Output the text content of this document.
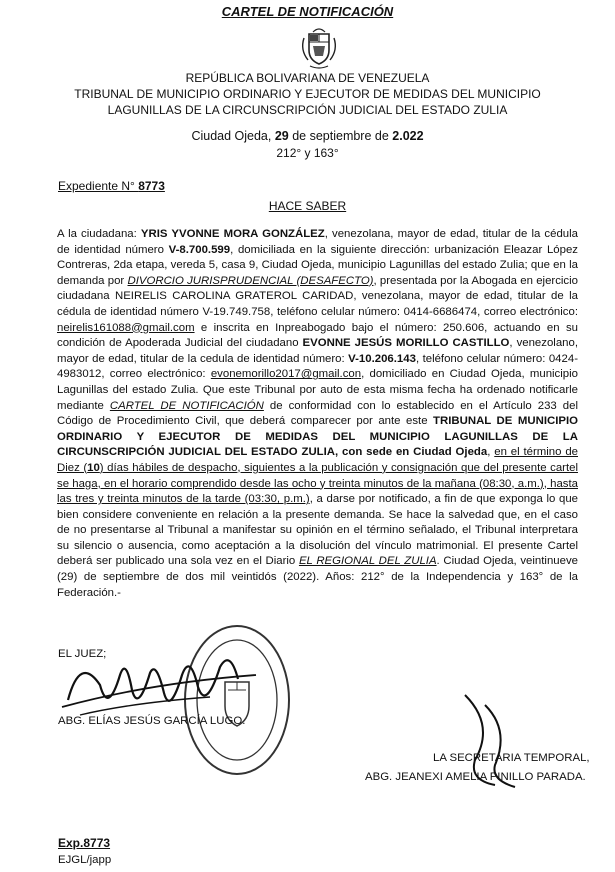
CARTEL DE NOTIFICACIÓN
REPÚBLICA BOLIVARIANA DE VENEZUELA
TRIBUNAL DE MUNICIPIO ORDINARIO Y EJECUTOR DE MEDIDAS DEL MUNICIPIO
LAGUNILLAS DE LA CIRCUNSCRIPCIÓN JUDICIAL DEL ESTADO ZULIA
Ciudad Ojeda, 29 de septiembre de 2.022
212° y 163°
Expediente N° 8773
HACE SABER
A la ciudadana: YRIS YVONNE MORA GONZÁLEZ, venezolana, mayor de edad, titular de la cédula de identidad número V-8.700.599, domiciliada en la siguiente dirección: urbanización Eleazar López Contreras, 2da etapa, vereda 5, casa 9, Ciudad Ojeda, municipio Lagunillas del estado Zulia; que en la demanda por DIVORCIO JURISPRUDENCIAL (DESAFECTO), presentada por la Abogada en ejercicio ciudadana NEIRELIS CAROLINA GRATEROL CARIDAD, venezolana, mayor de edad, titular de la cédula de identidad número V-19.749.758, teléfono celular número: 0414-6686474, correo electrónico: neirelis161088@gmail.com e inscrita en Inpreabogado bajo el número: 250.606, actuando en su condición de Apoderada Judicial del ciudadano EVONNE JESÚS MORILLO CASTILLO, venezolano, mayor de edad, titular de la cedula de identidad número: V-10.206.143, teléfono celular número: 0424-4983012, correo electrónico: evonemorillo2017@gmail.con, domiciliado en Ciudad Ojeda, municipio Lagunillas del estado Zulia. Que este Tribunal por auto de esta misma fecha ha ordenado notificarle mediante CARTEL DE NOTIFICACIÓN de conformidad con lo establecido en el Artículo 233 del Código de Procedimiento Civil, que deberá comparecer por ante este TRIBUNAL DE MUNICIPIO ORDINARIO Y EJECUTOR DE MEDIDAS DEL MUNICIPIO LAGUNILLAS DE LA CIRCUNSCRIPCIÓN JUDICIAL DEL ESTADO ZULIA, con sede en Ciudad Ojeda, en el término de Diez (10) días hábiles de despacho, siguientes a la publicación y consignación que del presente cartel se haga, en el horario comprendido desde las ocho y treinta minutos de la mañana (08:30, a.m.), hasta las tres y treinta minutos de la tarde (03:30, p.m.), a darse por notificado, a fin de que exponga lo que bien considere conveniente en relación a la presente demanda. Se hace la salvedad que, en el caso de no presentarse al Tribunal a manifestar su opinión en el término señalado, el Tribunal interpretara su silencio o ausencia, como aceptación a la disolución del vínculo matrimonial. El presente Cartel deberá ser publicado una sola vez en el Diario EL REGIONAL DEL ZULIA. Ciudad Ojeda, veintinueve (29) de septiembre de dos mil veintidós (2022). Años: 212° de la Independencia y 163° de la Federación.-
EL JUEZ;
ABG. ELÍAS JESÚS GARCÍA LUGO.
LA SECRETARIA TEMPORAL,
ABG. JEANEXI AMELIA PINILLO PARADA.
Exp.8773
EJGL/japp
